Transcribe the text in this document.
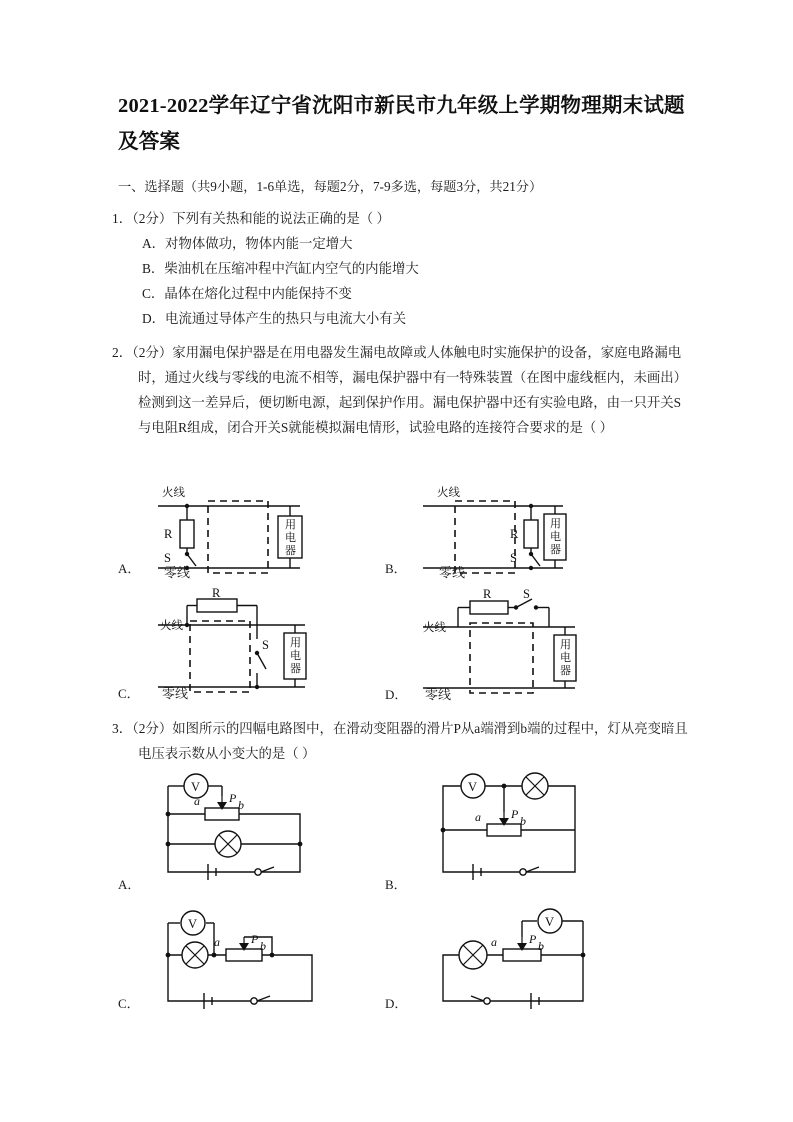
2021-2022学年辽宁省沈阳市新民市九年级上学期物理期末试题及答案
一、选择题（共9小题，1-6单选，每题2分，7-9多选，每题3分，共21分）
1．（2分）下列有关热和能的说法正确的是（ ）
A．对物体做功，物体内能一定增大
B．柴油机在压缩冲程中汽缸内空气的内能增大
C．晶体在熔化过程中内能保持不变
D．电流通过导体产生的热只与电流大小有关
2．（2分）家用漏电保护器是在用电器发生漏电故障或人体触电时实施保护的设备，家庭电路漏电时，通过火线与零线的电流不相等，漏电保护器中有一特殊装置（在图中虚线框内，未画出）检测到这一差异后，便切断电源，起到保护作用。漏电保护器中还有实验电路，由一只开关S与电阻R组成，闭合开关S就能模拟漏电情形，试验电路的连接符合要求的是（ ）
火线
R
S
用
电
器
零线
A．
火线
R
S
用
电
器
零线
B．
R
火线
S 用
电
器
零线
C．
R	S
火线
用
电
器
零线
D．
3．（2分）如图所示的四幅电路图中，在滑动变阻器的滑片P从a端滑到b端的过程中，灯从亮变暗且电压表示数从小变大的是（ ）
V
a P b
A．
a	P b
V
B．
V
a	P b
C．
a	P b
V
D．
